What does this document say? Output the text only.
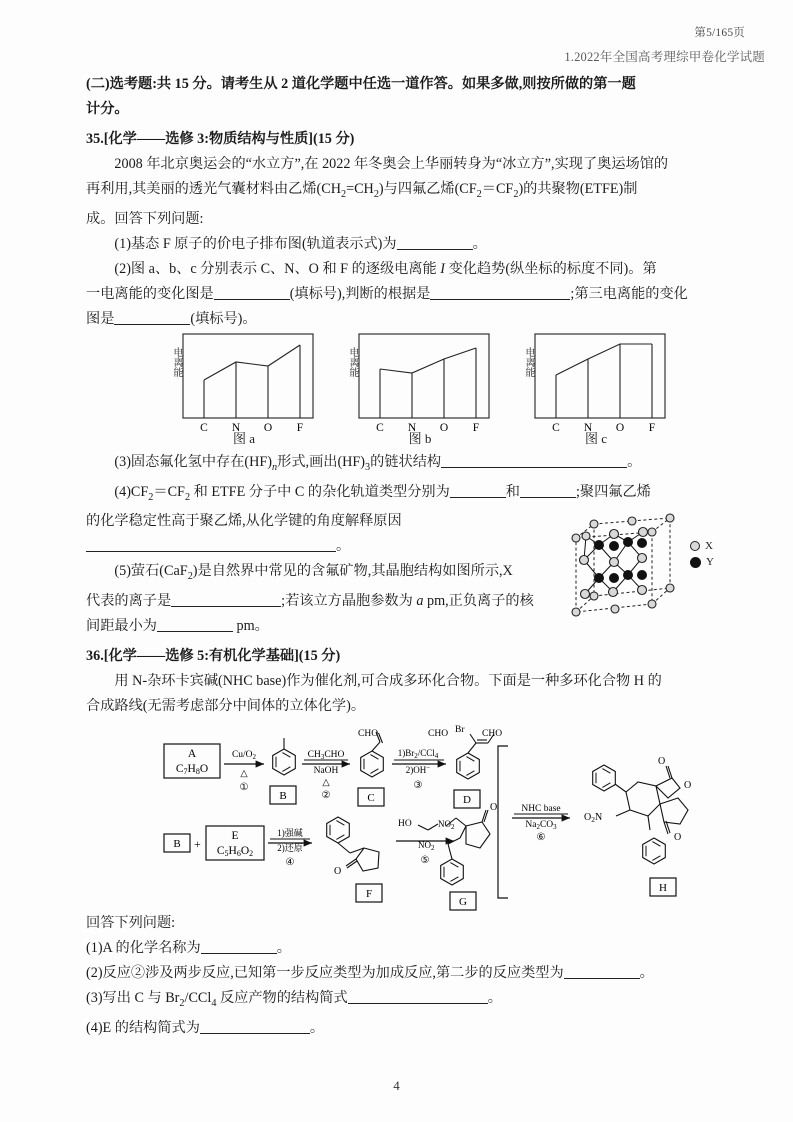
第5/165页
1.2022年全国高考理综甲卷化学试题

(二)选考题:共 15 分。请考生从 2 道化学题中任选一道作答。如果多做,则按所做的第一题

计分。

35.[化学——选修 3:物质结构与性质](15 分)

2008 年北京奥运会的“水立方”,在 2022 年冬奥会上华丽转身为“冰立方”,实现了奥运场馆的

再利用,其美丽的透光气囊材料由乙烯$(CH_2=CH_2)$与四氟乙烯$(CF_2=CF_2)$的共聚物(ETFE)制

成。回答下列问题:

(1)基态 F 原子的价电子排布图(轨道表示式)为	。

(2)图 a、b、c 分别表示 C、N、O 和 F 的逐级电离能 I 变化趋势(纵坐标的标度不同)。第

一电离能的变化图是	(填标号),判断的根据是	;第三电离能的变化

图是	(填标号)。

(3)固态氟化氢中存在$(HF)_n$形式,画出$(HF)_3$的链状结构	。

$(4)CF_2=CF_2$ 和 ETFE 分子中 C 的杂化轨道类型分别为	和	;聚四氟乙烯

的化学稳定性高于聚乙烯,从化学键的角度解释原因

。

(5)萤石(CaF$_2$)是自然界中常见的含氟矿物,其晶胞结构如图所示,X

代表的离子是	;若该立方晶胞参数为 a pm,正负离子的核

间距最小为	pm。

36.[化学——选修 5:有机化学基础](15 分)

用 N-杂环卡宾碱(NHC base)作为催化剂,可合成多环化合物。下面是一种多环化合物 H 的

合成路线(无需考虑部分中间体的立体化学)。

回答下列问题:

(1)A 的化学名称为	。

(2)反应②涉及两步反应,已知第一步反应类型为加成反应,第二步的反应类型为	。

(3)写出 C 与 $Br_2/CCl_4$ 反应产物的结构简式	。

(4)E 的结构简式为	。

电离能
C N O F
图 a
电离能
C N O F
图 b
电离能
C N O F
图 c
X
Y
A
C7H8O
$Cu/O_2$
△
①
B
$CH_3CHO$
NaOH
△
②	C
$1)Br_2/CCl_4$
2)OH−
③
D
CHO	CHO	CHO
Br
NHC base
$Na_2CO_3$
⑥
O
O
O
$O_2N$
H
B +
E
C5H6O2
1)强碱
2)还原
④
O
F
⑤
HO	$NO_2$
O
$NO_2$
G
4
